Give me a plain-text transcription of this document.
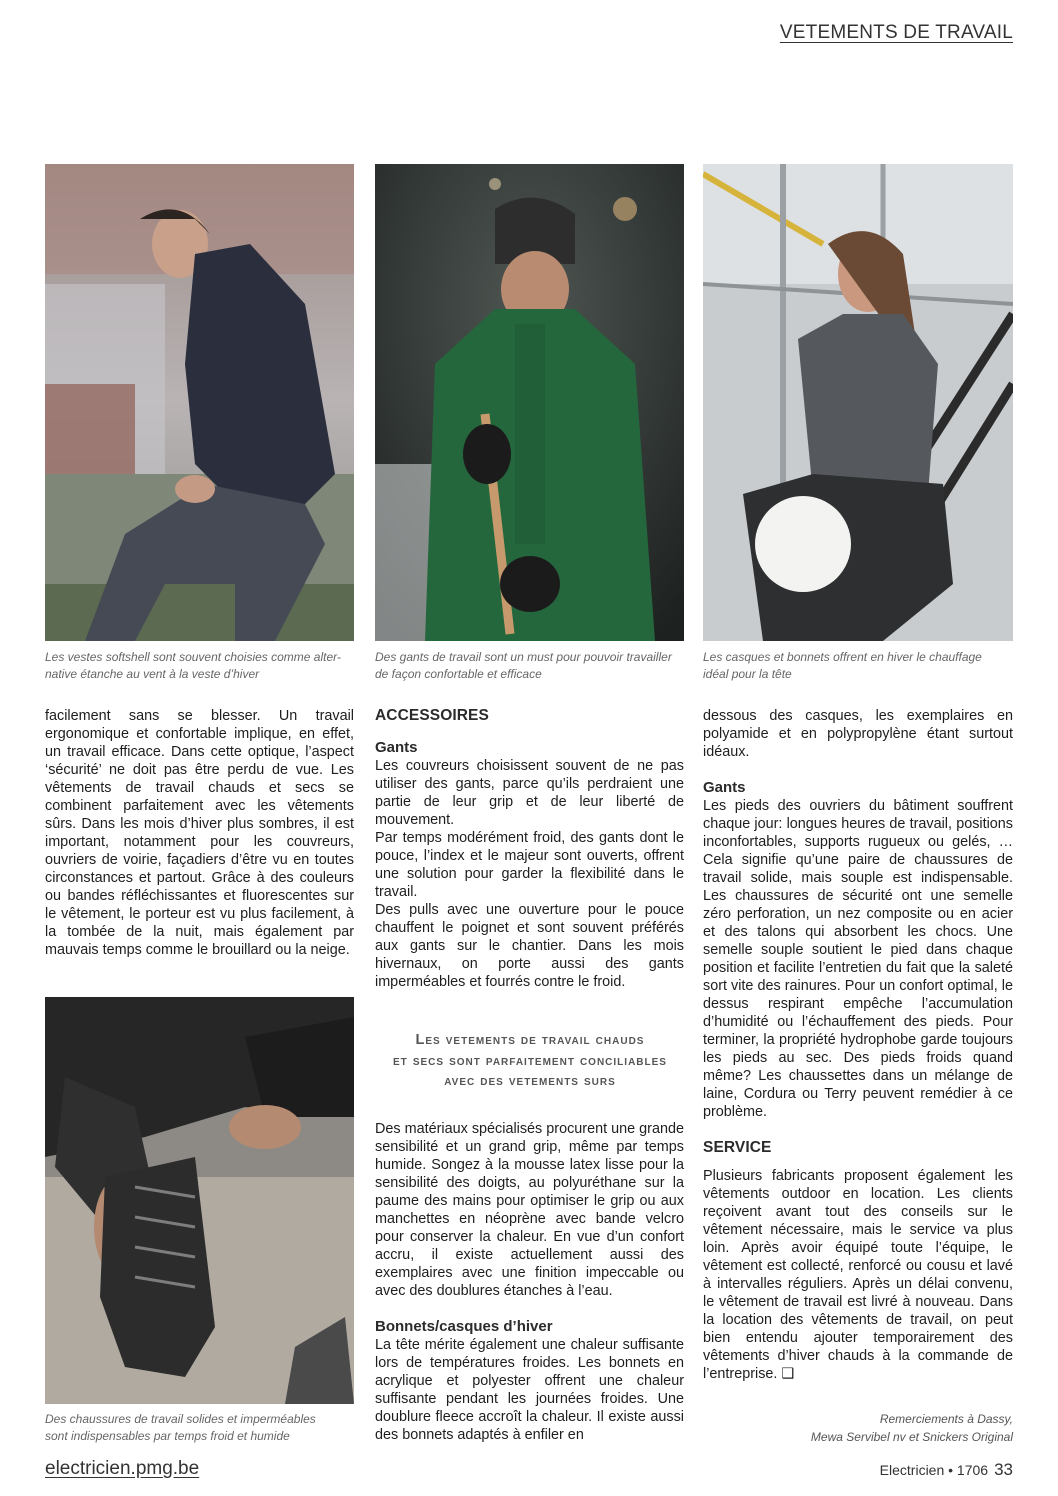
VETEMENTS DE TRAVAIL
Les vestes softshell sont souvent choisies comme alter-
native étanche au vent à la veste d’hiver
Des gants de travail sont un must pour pouvoir travailler
de façon confortable et efficace
Les casques et bonnets offrent en hiver le chauffage
idéal pour la tête

facilement sans se blesser. Un travail ergonomique et confortable implique, en effet, un travail efficace. Dans cette optique, l’aspect ‘sécurité’ ne doit pas être perdu de vue. Les vêtements de travail chauds et secs se combinent parfaitement avec les vêtements sûrs. Dans les mois d’hiver plus sombres, il est important, notamment pour les couvreurs, ouvriers de voirie, façadiers d’être vu en toutes circonstances et partout. Grâce à des couleurs ou bandes réfléchissantes et fluorescentes sur le vêtement, le porteur est vu plus facilement, à la tombée de la nuit, mais également par mauvais temps comme le brouillard ou la neige.

Des chaussures de travail solides et imperméables
sont indispensables par temps froid et humide
ACCESSOIRES
Gants

Les couvreurs choisissent souvent de ne pas utiliser des gants, parce qu’ils perdraient une partie de leur grip et de leur liberté de mouvement.

Par temps modérément froid, des gants dont le pouce, l’index et le majeur sont ouverts, offrent une solution pour garder la flexibilité dans le travail.

Des pulls avec une ouverture pour le pouce chauffent le poignet et sont souvent préférés aux gants sur le chantier. Dans les mois hivernaux, on porte aussi des gants imperméables et fourrés contre le froid.

Les vetements de travail chauds
et secs sont parfaitement conciliables
avec des vetements surs

Des matériaux spécialisés procurent une grande sensibilité et un grand grip, même par temps humide. Songez à la mousse latex lisse pour la sensibilité des doigts, au polyuréthane sur la paume des mains pour optimiser le grip ou aux manchettes en néoprène avec bande velcro pour conserver la chaleur. En vue d’un confort accru, il existe actuellement aussi des exemplaires avec une finition impeccable ou avec des doublures étanches à l’eau.

Bonnets/casques d’hiver

La tête mérite également une chaleur suffisante lors de températures froides. Les bonnets en acrylique et polyester offrent une chaleur suffisante pendant les journées froides. Une doublure fleece accroît la chaleur. Il existe aussi des bonnets adaptés à enfiler en

dessous des casques, les exemplaires en polyamide et en polypropylène étant surtout idéaux.

Gants

Les pieds des ouvriers du bâtiment souffrent chaque jour: longues heures de travail, positions inconfortables, supports rugueux ou gelés, … Cela signifie qu’une paire de chaussures de travail solide, mais souple est indispensable. Les chaussures de sécurité ont une semelle zéro perforation, un nez composite ou en acier et des talons qui absorbent les chocs. Une semelle souple soutient le pied dans chaque position et facilite l’entretien du fait que la saleté sort vite des rainures. Pour un confort optimal, le dessus respirant empêche l’accumulation d’humidité ou l’échauffement des pieds. Pour terminer, la propriété hydrophobe garde toujours les pieds au sec. Des pieds froids quand même? Les chaussettes dans un mélange de laine, Cordura ou Terry peuvent remédier à ce problème.

SERVICE

Plusieurs fabricants proposent également les vêtements outdoor en location. Les clients reçoivent avant tout des conseils sur le vêtement nécessaire, mais le service va plus loin. Après avoir équipé toute l’équipe, le vêtement est collecté, renforcé ou cousu et lavé à intervalles réguliers. Après un délai convenu, le vêtement de travail est livré à nouveau. Dans la location des vêtements de travail, on peut bien entendu ajouter temporairement des vêtements d’hiver chauds à la commande de l’entreprise. ❑

Remerciements à Dassy,
Mewa Servibel nv et Snickers Original
electricien.pmg.be	Electricien • 1706 33
